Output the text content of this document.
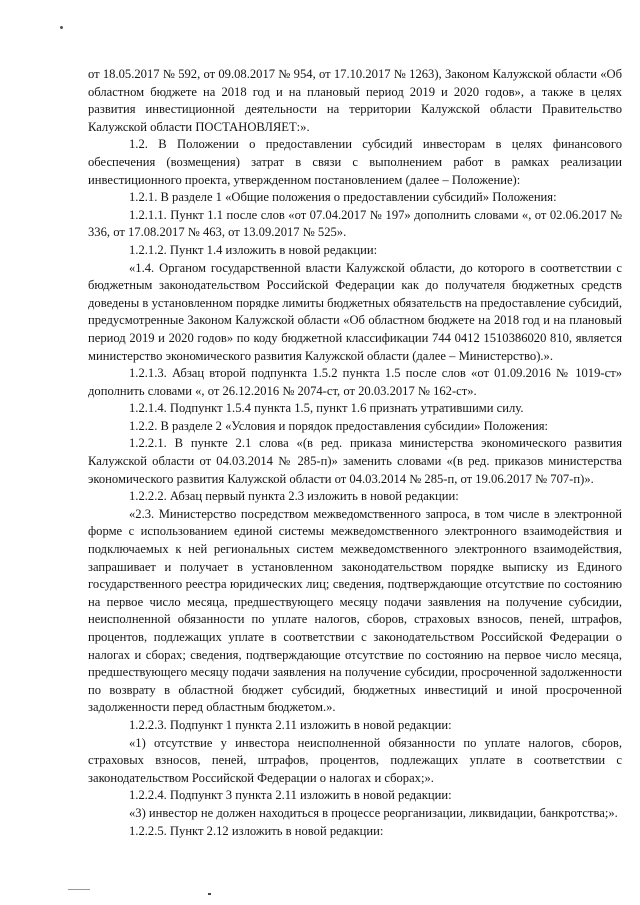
от 18.05.2017 № 592, от 09.08.2017 № 954, от 17.10.2017 № 1263), Законом Калужской области «Об областном бюджете на 2018 год и на плановый период 2019 и 2020 годов», а также в целях развития инвестиционной деятельности на территории Калужской области Правительство Калужской области ПОСТАНОВЛЯЕТ:».

1.2. В Положении о предоставлении субсидий инвесторам в целях финансового обеспечения (возмещения) затрат в связи с выполнением работ в рамках реализации инвестиционного проекта, утвержденном постановлением (далее – Положение):

1.2.1. В разделе 1 «Общие положения о предоставлении субсидий» Положения:

1.2.1.1. Пункт 1.1 после слов «от 07.04.2017 № 197» дополнить словами «, от 02.06.2017 № 336, от 17.08.2017 № 463, от 13.09.2017 № 525».

1.2.1.2. Пункт 1.4 изложить в новой редакции:

«1.4. Органом государственной власти Калужской области, до которого в соответствии с бюджетным законодательством Российской Федерации как до получателя бюджетных средств доведены в установленном порядке лимиты бюджетных обязательств на предоставление субсидий, предусмотренные Законом Калужской области «Об областном бюджете на 2018 год и на плановый период 2019 и 2020 годов» по коду бюджетной классификации 744 0412 1510386020 810, является министерство экономического развития Калужской области (далее – Министерство).».

1.2.1.3. Абзац второй подпункта 1.5.2 пункта 1.5 после слов «от 01.09.2016 № 1019-ст» дополнить словами «, от 26.12.2016 № 2074-ст, от 20.03.2017 № 162-ст».

1.2.1.4. Подпункт 1.5.4 пункта 1.5, пункт 1.6 признать утратившими силу.

1.2.2. В разделе 2 «Условия и порядок предоставления субсидии» Положения:

1.2.2.1. В пункте 2.1 слова «(в ред. приказа министерства экономического развития Калужской области от 04.03.2014 № 285-п)» заменить словами «(в ред. приказов министерства экономического развития Калужской области от 04.03.2014 № 285-п, от 19.06.2017 № 707-п)».

1.2.2.2. Абзац первый пункта 2.3 изложить в новой редакции:

«2.3. Министерство посредством межведомственного запроса, в том числе в электронной форме с использованием единой системы межведомственного электронного взаимодействия и подключаемых к ней региональных систем межведомственного электронного взаимодействия, запрашивает и получает в установленном законодательством порядке выписку из Единого государственного реестра юридических лиц; сведения, подтверждающие отсутствие по состоянию на первое число месяца, предшествующего месяцу подачи заявления на получение субсидии, неисполненной обязанности по уплате налогов, сборов, страховых взносов, пеней, штрафов, процентов, подлежащих уплате в соответствии с законодательством Российской Федерации о налогах и сборах; сведения, подтверждающие отсутствие по состоянию на первое число месяца, предшествующего месяцу подачи заявления на получение субсидии, просроченной задолженности по возврату в областной бюджет субсидий, бюджетных инвестиций и иной просроченной задолженности перед областным бюджетом.».

1.2.2.3. Подпункт 1 пункта 2.11 изложить в новой редакции:

«1) отсутствие у инвестора неисполненной обязанности по уплате налогов, сборов, страховых взносов, пеней, штрафов, процентов, подлежащих уплате в соответствии с законодательством Российской Федерации о налогах и сборах;».

1.2.2.4. Подпункт 3 пункта 2.11 изложить в новой редакции:

«3) инвестор не должен находиться в процессе реорганизации, ликвидации, банкротства;».

1.2.2.5. Пункт 2.12 изложить в новой редакции:
